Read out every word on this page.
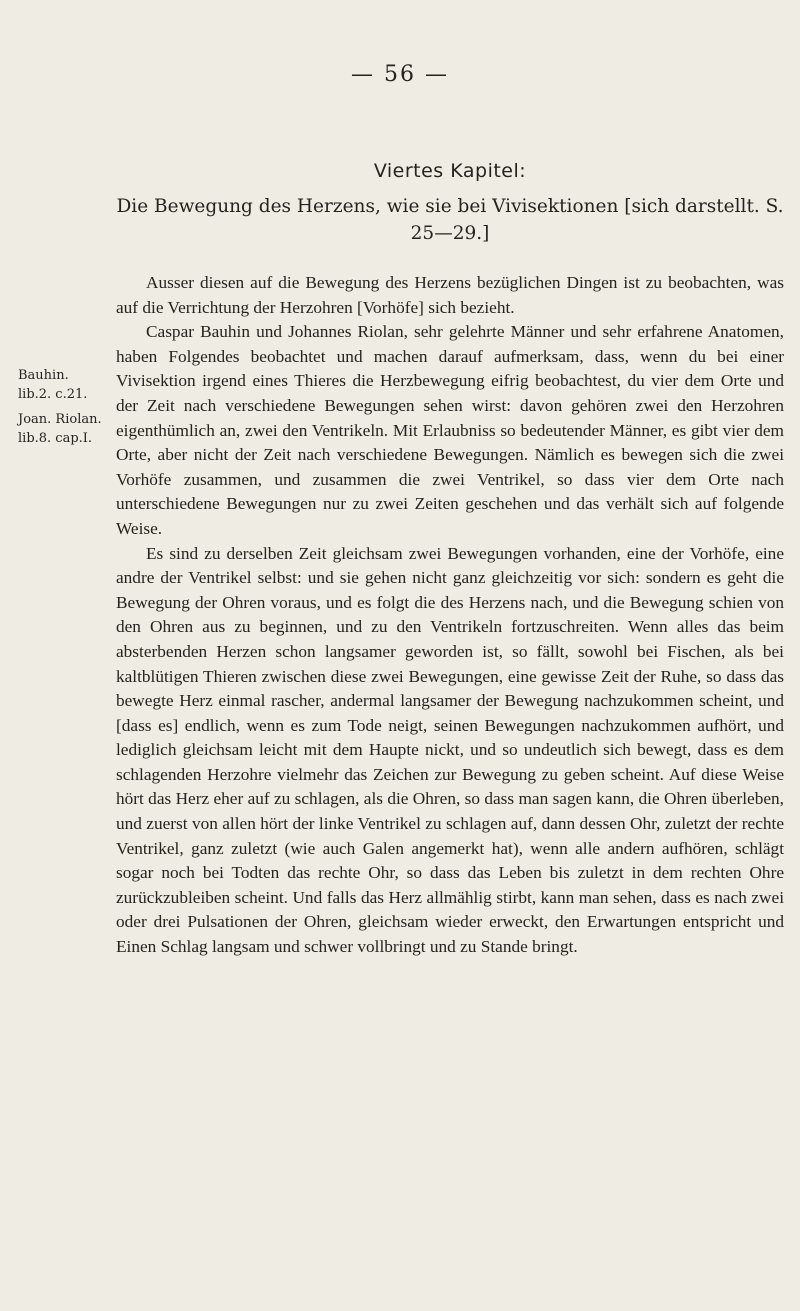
— 56 —
Viertes Kapitel:
Die Bewegung des Herzens, wie sie bei Vivisektionen [sich darstellt. S. 25—29.]
Bauhin. lib.2. c.21.
Joan. Riolan. lib.8. cap.I.

Ausser diesen auf die Bewegung des Herzens bezüglichen Dingen ist zu beobachten, was auf die Verrichtung der Herzohren [Vorhöfe] sich bezieht.

Caspar Bauhin und Johannes Riolan, sehr gelehrte Männer und sehr erfahrene Anatomen, haben Folgendes beobachtet und machen darauf aufmerksam, dass, wenn du bei einer Vivisektion irgend eines Thieres die Herzbewegung eifrig beobachtest, du vier dem Orte und der Zeit nach verschiedene Bewegungen sehen wirst: davon gehören zwei den Herzohren eigenthümlich an, zwei den Ventrikeln. Mit Erlaubniss so bedeutender Männer, es gibt vier dem Orte, aber nicht der Zeit nach verschiedene Bewegungen. Nämlich es bewegen sich die zwei Vorhöfe zusammen, und zusammen die zwei Ventrikel, so dass vier dem Orte nach unterschiedene Bewegungen nur zu zwei Zeiten geschehen und das verhält sich auf folgende Weise.

Es sind zu derselben Zeit gleichsam zwei Bewegungen vorhanden, eine der Vorhöfe, eine andre der Ventrikel selbst: und sie gehen nicht ganz gleichzeitig vor sich: sondern es geht die Bewegung der Ohren voraus, und es folgt die des Herzens nach, und die Bewegung schien von den Ohren aus zu beginnen, und zu den Ventrikeln fortzuschreiten. Wenn alles das beim absterbenden Herzen schon langsamer geworden ist, so fällt, sowohl bei Fischen, als bei kaltblütigen Thieren zwischen diese zwei Bewegungen, eine gewisse Zeit der Ruhe, so dass das bewegte Herz einmal rascher, andermal langsamer der Bewegung nachzukommen scheint, und [dass es] endlich, wenn es zum Tode neigt, seinen Bewegungen nachzukommen aufhört, und lediglich gleichsam leicht mit dem Haupte nickt, und so undeutlich sich bewegt, dass es dem schlagenden Herzohre vielmehr das Zeichen zur Bewegung zu geben scheint. Auf diese Weise hört das Herz eher auf zu schlagen, als die Ohren, so dass man sagen kann, die Ohren überleben, und zuerst von allen hört der linke Ventrikel zu schlagen auf, dann dessen Ohr, zuletzt der rechte Ventrikel, ganz zuletzt (wie auch Galen angemerkt hat), wenn alle andern aufhören, schlägt sogar noch bei Todten das rechte Ohr, so dass das Leben bis zuletzt in dem rechten Ohre zurückzubleiben scheint. Und falls das Herz allmählig stirbt, kann man sehen, dass es nach zwei oder drei Pulsationen der Ohren, gleichsam wieder erweckt, den Erwartungen entspricht und Einen Schlag langsam und schwer vollbringt und zu Stande bringt.
